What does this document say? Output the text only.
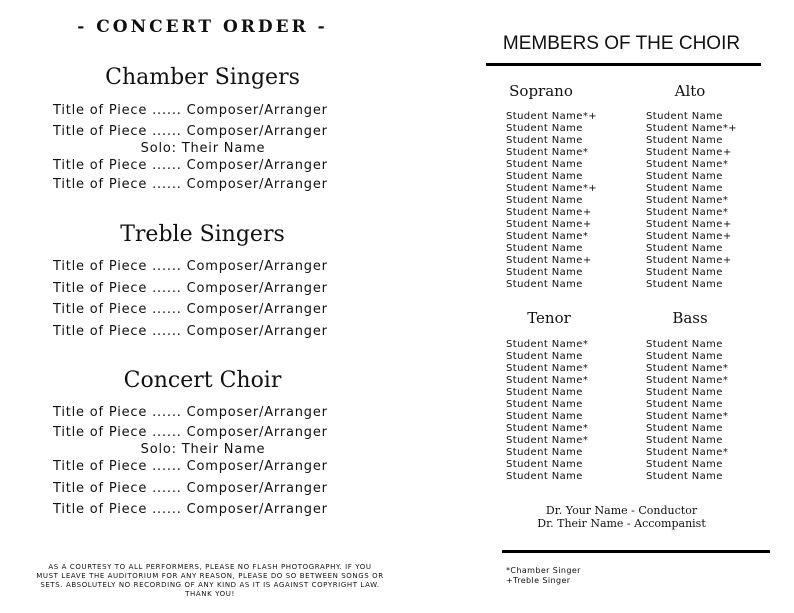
- CONCERT ORDER -
Chamber Singers
Title of Piece ...... Composer/Arranger
Title of Piece ...... Composer/Arranger
Solo: Their Name
Title of Piece ...... Composer/Arranger
Title of Piece ...... Composer/Arranger
Treble Singers
Title of Piece ...... Composer/Arranger
Title of Piece ...... Composer/Arranger
Title of Piece ...... Composer/Arranger
Title of Piece ...... Composer/Arranger
Concert Choir
Title of Piece ...... Composer/Arranger
Title of Piece ...... Composer/Arranger
Solo: Their Name
Title of Piece ...... Composer/Arranger
Title of Piece ...... Composer/Arranger
Title of Piece ...... Composer/Arranger
AS A COURTESY TO ALL PERFORMERS, PLEASE NO FLASH PHOTOGRAPHY. IF YOU
MUST LEAVE THE AUDITORIUM FOR ANY REASON, PLEASE DO SO BETWEEN SONGS OR
SETS. ABSOLUTELY NO RECORDING OF ANY KIND AS IT IS AGAINST COPYRIGHT LAW.
THANK YOU!
MEMBERS OF THE CHOIR
Soprano	Alto
Student Name*+
Student Name
Student Name
Student Name*
Student Name
Student Name
Student Name*+
Student Name
Student Name+
Student Name+
Student Name*
Student Name
Student Name+
Student Name
Student Name
Student Name
Student Name*+
Student Name
Student Name+
Student Name*
Student Name
Student Name
Student Name*
Student Name*
Student Name+
Student Name+
Student Name
Student Name+
Student Name
Student Name
Tenor	Bass
Student Name*
Student Name
Student Name*
Student Name*
Student Name
Student Name
Student Name
Student Name*
Student Name*
Student Name
Student Name
Student Name
Student Name
Student Name
Student Name*
Student Name*
Student Name
Student Name
Student Name*
Student Name
Student Name
Student Name*
Student Name
Student Name
Dr. Your Name - Conductor
Dr. Their Name - Accompanist
*Chamber Singer
+Treble Singer
